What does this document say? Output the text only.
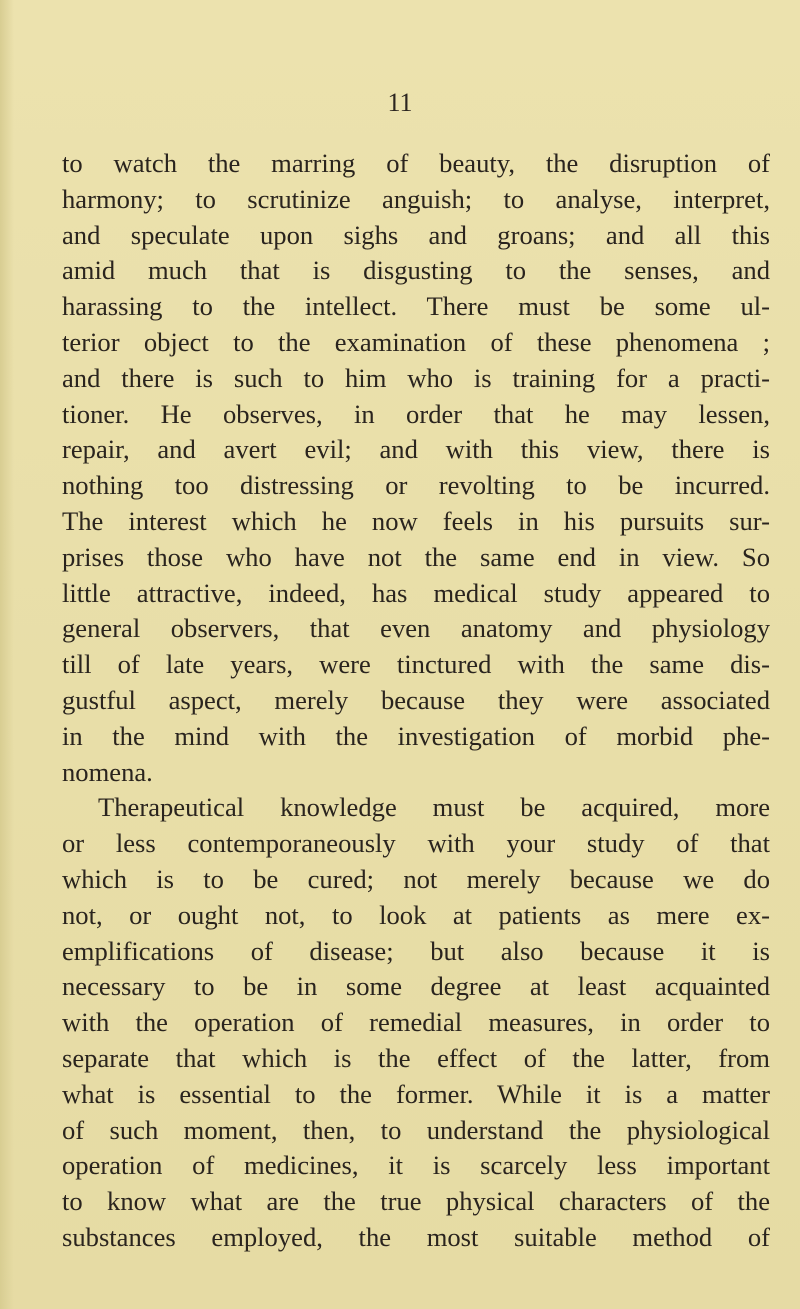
11

to watch the marring of beauty, the disruption of
harmony; to scrutinize anguish; to analyse, interpret,
and speculate upon sighs and groans; and all this
amid much that is disgusting to the senses, and
harassing to the intellect. There must be some ul-
terior object to the examination of these phenomena ;
and there is such to him who is training for a practi-
tioner. He observes, in order that he may lessen,
repair, and avert evil; and with this view, there is
nothing too distressing or revolting to be incurred.
The interest which he now feels in his pursuits sur-
prises those who have not the same end in view. So
little attractive, indeed, has medical study appeared to
general observers, that even anatomy and physiology
till of late years, were tinctured with the same dis-
gustful aspect, merely because they were associated
in the mind with the investigation of morbid phe-
nomena.
Therapeutical knowledge must be acquired, more
or less contemporaneously with your study of that
which is to be cured; not merely because we do
not, or ought not, to look at patients as mere ex-
emplifications of disease; but also because it is
necessary to be in some degree at least acquainted
with the operation of remedial measures, in order to
separate that which is the effect of the latter, from
what is essential to the former. While it is a matter
of such moment, then, to understand the physiological
operation of medicines, it is scarcely less important
to know what are the true physical characters of the
substances employed, the most suitable method of
